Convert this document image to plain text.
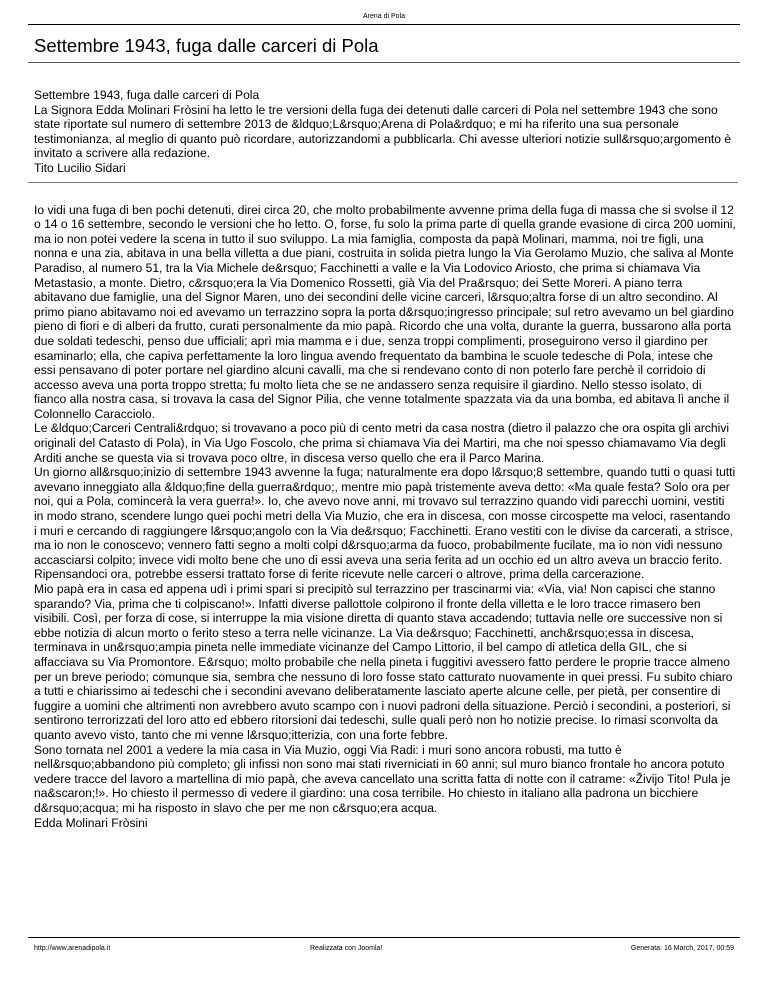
Arena di Pola
Settembre 1943, fuga dalle carceri di Pola

Settembre 1943, fuga dalle carceri di Pola

La Signora Edda Molinari Fròsini ha letto le tre versioni della fuga dei detenuti dalle carceri di Pola nel settembre 1943 che sono state riportate sul numero di settembre 2013 de &ldquo;L&rsquo;Arena di Pola&rdquo; e mi ha riferito una sua personale testimonianza, al meglio di quanto può ricordare, autorizzandomi a pubblicarla. Chi avesse ulteriori notizie sull&rsquo;argomento è invitato a scrivere alla redazione.

Tito Lucilio Sidari

Io vidi una fuga di ben pochi detenuti, direi circa 20, che molto probabilmente avvenne prima della fuga di massa che si svolse il 12 o 14 o 16 settembre, secondo le versioni che ho letto. O, forse, fu solo la prima parte di quella grande evasione di circa 200 uomini, ma io non potei vedere la scena in tutto il suo sviluppo. La mia famiglia, composta da papà Molinari, mamma, noi tre figli, una nonna e una zia, abitava in una bella villetta a due piani, costruita in solida pietra lungo la Via Gerolamo Muzio, che saliva al Monte Paradiso, al numero 51, tra la Via Michele de&rsquo; Facchinetti a valle e la Via Lodovico Ariosto, che prima si chiamava Via Metastasio, a monte. Dietro, c&rsquo;era la Via Domenico Rossetti, già Via del Pra&rsquo; dei Sette Moreri. A piano terra abitavano due famiglie, una del Signor Maren, uno dei secondini delle vicine carceri, l&rsquo;altra forse di un altro secondino. Al primo piano abitavamo noi ed avevamo un terrazzino sopra la porta d&rsquo;ingresso principale; sul retro avevamo un bel giardino pieno di fiori e di alberi da frutto, curati personalmente da mio papà. Ricordo che una volta, durante la guerra, bussarono alla porta due soldati tedeschi, penso due ufficiali; aprì mia mamma e i due, senza troppi complimenti, proseguirono verso il giardino per esaminarlo; ella, che capiva perfettamente la loro lingua avendo frequentato da bambina le scuole tedesche di Pola, intese che essi pensavano di poter portare nel giardino alcuni cavalli, ma che si rendevano conto di non poterlo fare perchè il corridoio di accesso aveva una porta troppo stretta; fu molto lieta che se ne andassero senza requisire il giardino. Nello stesso isolato, di fianco alla nostra casa, si trovava la casa del Signor Pilia, che venne totalmente spazzata via da una bomba, ed abitava lì anche il Colonnello Caracciolo.

Le &ldquo;Carceri Centrali&rdquo; si trovavano a poco più di cento metri da casa nostra (dietro il palazzo che ora ospita gli archivi originali del Catasto di Pola), in Via Ugo Foscolo, che prima si chiamava Via dei Martiri, ma che noi spesso chiamavamo Via degli Arditi anche se questa via si trovava poco oltre, in discesa verso quello che era il Parco Marina.

Un giorno all&rsquo;inizio di settembre 1943 avvenne la fuga; naturalmente era dopo l&rsquo;8 settembre, quando tutti o quasi tutti avevano inneggiato alla &ldquo;fine della guerra&rdquo;, mentre mio papà tristemente aveva detto: «Ma quale festa? Solo ora per noi, qui a Pola, comincerà la vera guerra!». Io, che avevo nove anni, mi trovavo sul terrazzino quando vidi parecchi uomini, vestiti in modo strano, scendere lungo quei pochi metri della Via Muzio, che era in discesa, con mosse circospette ma veloci, rasentando i muri e cercando di raggiungere l&rsquo;angolo con la Via de&rsquo; Facchinetti. Erano vestiti con le divise da carcerati, a strisce, ma io non le conoscevo; vennero fatti segno a molti colpi d&rsquo;arma da fuoco, probabilmente fucilate, ma io non vidi nessuno accasciarsi colpito; invece vidi molto bene che uno di essi aveva una seria ferita ad un occhio ed un altro aveva un braccio ferito. Ripensandoci ora, potrebbe essersi trattato forse di ferite ricevute nelle carceri o altrove, prima della carcerazione.

Mio papà era in casa ed appena udì i primi spari si precipitò sul terrazzino per trascinarmi via: «Via, via! Non capisci che stanno sparando? Via, prima che ti colpiscano!». Infatti diverse pallottole colpirono il fronte della villetta e le loro tracce rimasero ben visibili. Così, per forza di cose, si interruppe la mia visione diretta di quanto stava accadendo; tuttavia nelle ore successive non si ebbe notizia di alcun morto o ferito steso a terra nelle vicinanze. La Via de&rsquo; Facchinetti, anch&rsquo;essa in discesa, terminava in un&rsquo;ampia pineta nelle immediate vicinanze del Campo Littorio, il bel campo di atletica della GIL, che si affacciava su Via Promontore. E&rsquo; molto probabile che nella pineta i fuggitivi avessero fatto perdere le proprie tracce almeno per un breve periodo; comunque sia, sembra che nessuno di loro fosse stato catturato nuovamente in quei pressi. Fu subito chiaro a tutti e chiarissimo ai tedeschi che i secondini avevano deliberatamente lasciato aperte alcune celle, per pietà, per consentire di fuggire a uomini che altrimenti non avrebbero avuto scampo con i nuovi padroni della situazione. Perciò i secondini, a posteriori, si sentirono terrorizzati del loro atto ed ebbero ritorsioni dai tedeschi, sulle quali però non ho notizie precise. Io rimasi sconvolta da quanto avevo visto, tanto che mi venne l&rsquo;itterizia, con una forte febbre.

Sono tornata nel 2001 a vedere la mia casa in Via Muzio, oggi Via Radi: i muri sono ancora robusti, ma tutto è nell&rsquo;abbandono più completo; gli infissi non sono mai stati riverniciati in 60 anni; sul muro bianco frontale ho ancora potuto vedere tracce del lavoro a martellina di mio papà, che aveva cancellato una scritta fatta di notte con il catrame: «Živijo Tito! Pula je na&scaron;!». Ho chiesto il permesso di vedere il giardino: una cosa terribile. Ho chiesto in italiano alla padrona un bicchiere d&rsquo;acqua; mi ha risposto in slavo che per me non c&rsquo;era acqua.

Edda Molinari Fròsini

http://www.arenadipola.it	Realizzata con Joomla!	Generata: 16 March, 2017, 00:59
